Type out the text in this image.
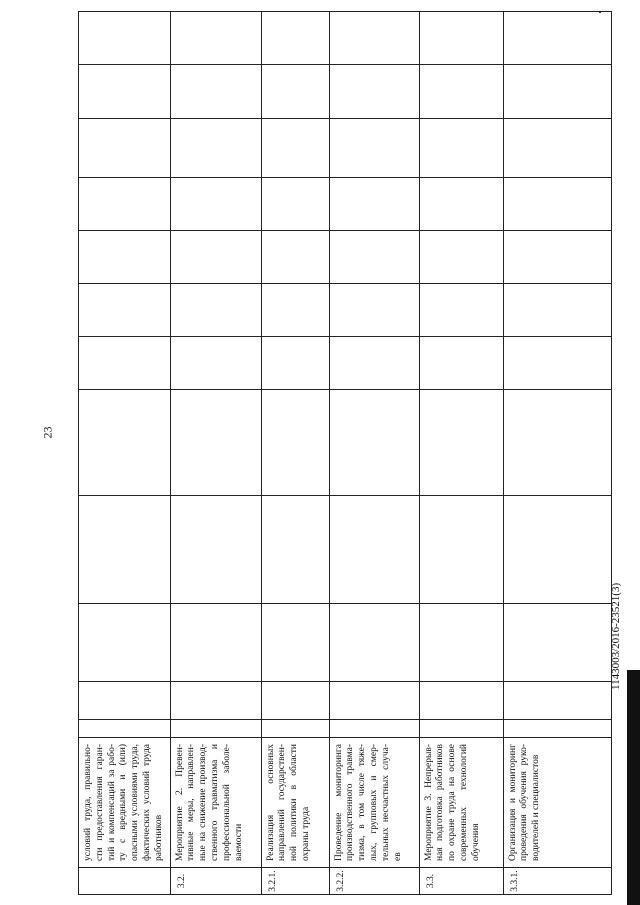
23
	условий труда, правильно-сти предоставления гаран-тий и компенсаций за рабо-ту с вредными и (или) опасными условиями труда, фактических условий труда работников												
3.2.	Мероприятие 2. Превен-тивные меры, направлен-ные на снижение производ-ственного травматизма и профессиональной заболе-ваемости												
3.2.1.	Реализация основных направлений государствен-ной политики в области охраны труда												
3.2.2.	Проведение мониторинга производственного травма-тизма, в том числе тяже-лых, групповых и смер-тельных несчастных случа-ев												
3.3.	Мероприятие 3. Непрерыв-ная подготовка работников по охране труда на основе современных технологий обучения												
3.3.1.	Организация и мониторинг проведения обучения руко-водителей и специалистов												
1143003/2016-23521(3)
